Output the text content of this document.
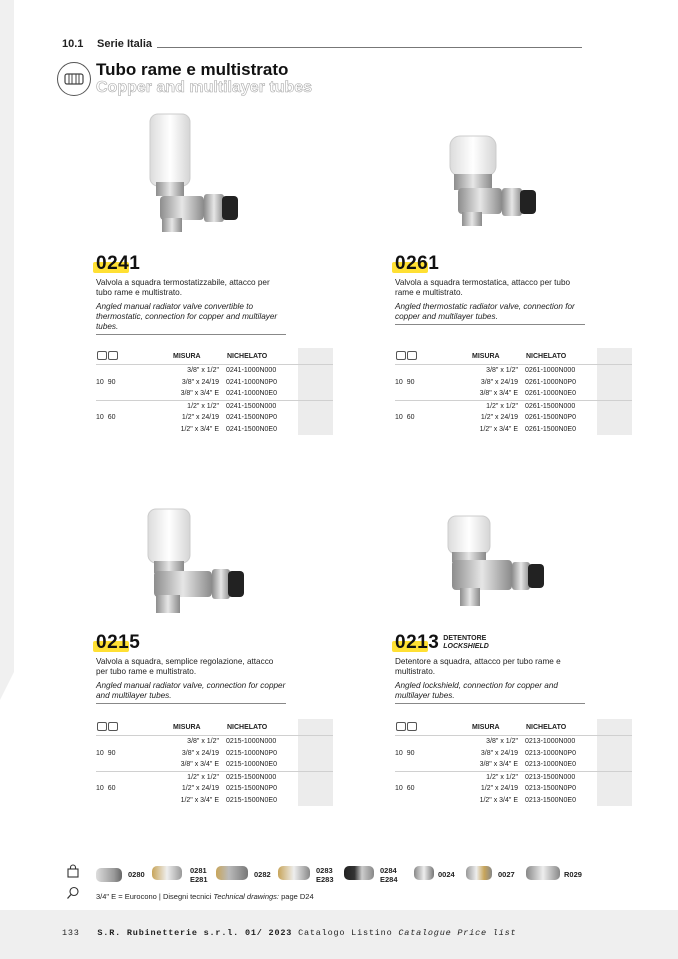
10.1 Serie Italia
Tubo rame e multistrato
Copper and multilayer tubes
0241
Valvola a squadra termostatizzabile, attacco per tubo rame e multistrato.
Angled manual radiator valve convertible to thermostatic, connection for copper and multilayer tubes.
0261
Valvola a squadra termostatica, attacco per tubo rame e multistrato.
Angled thermostatic radiator valve, connection for copper and multilayer tubes.
0215
Valvola a squadra, semplice regolazione, attacco per tubo rame e multistrato.
Angled manual radiator valve, connection for copper and multilayer tubes.
0213 DETENTORE
LOCKSHIELD
Detentore a squadra, attacco per tubo rame e multistrato.
Angled lockshield, connection for copper and multilayer tubes.
		MISURA	NICHELATO	
		3/8" x 1/2"	0241-1000N000	
10 90		3/8" x 24/19	0241-1000N0P0	
		3/8" x 3/4" E	0241-1000N0E0	
		1/2" x 1/2"	0241-1500N000	
10 60		1/2" x 24/19	0241-1500N0P0	
		1/2" x 3/4" E	0241-1500N0E0	
		MISURA	NICHELATO	
		3/8" x 1/2"	0261-1000N000	
10 90		3/8" x 24/19	0261-1000N0P0	
		3/8" x 3/4" E	0261-1000N0E0	
		1/2" x 1/2"	0261-1500N000	
10 60		1/2" x 24/19	0261-1500N0P0	
		1/2" x 3/4" E	0261-1500N0E0	
		MISURA	NICHELATO	
		3/8" x 1/2"	0215-1000N000	
10 90		3/8" x 24/19	0215-1000N0P0	
		3/8" x 3/4" E	0215-1000N0E0	
		1/2" x 1/2"	0215-1500N000	
10 60		1/2" x 24/19	0215-1500N0P0	
		1/2" x 3/4" E	0215-1500N0E0	
		MISURA	NICHELATO	
		3/8" x 1/2"	0213-1000N000	
10 90		3/8" x 24/19	0213-1000N0P0	
		3/8" x 3/4" E	0213-1000N0E0	
		1/2" x 1/2"	0213-1500N000	
10 60		1/2" x 24/19	0213-1500N0P0	
		1/2" x 3/4" E	0213-1500N0E0	
0280	0281
E281
0282	0283
E283
0284
E284
0024	0027	R029
3/4" E = Eurocono | Disegni tecnici Technical drawings: page D24
133 S.R. Rubinetterie s.r.l. 01/ 2023 Catalogo Listino Catalogue Price list
